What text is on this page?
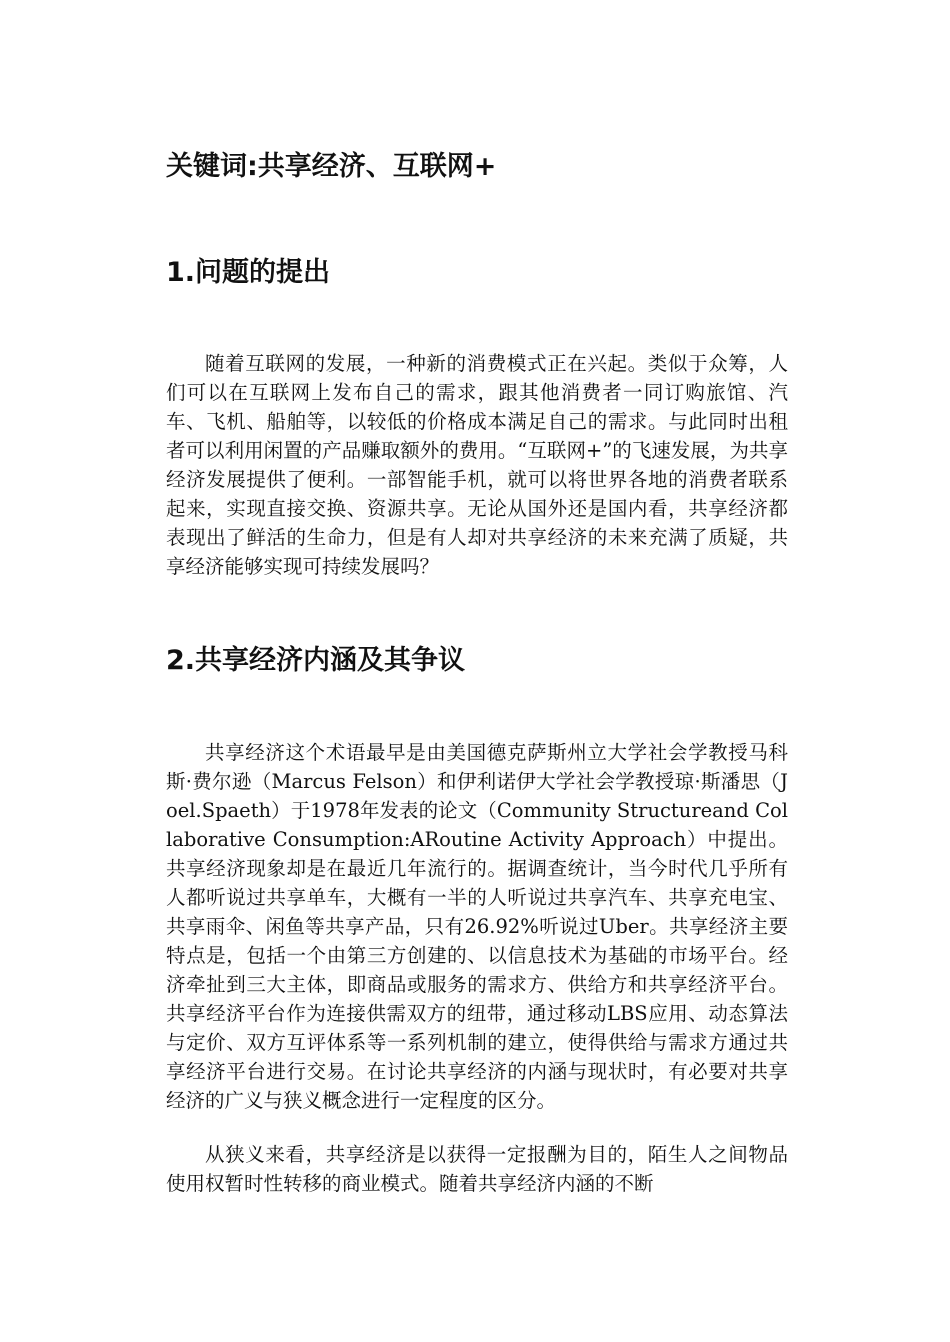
关键词:共享经济、互联网+
1.问题的提出

随着互联网的发展，一种新的消费模式正在兴起。类似于众筹，人们可以在互联网上发布自己的需求，跟其他消费者一同订购旅馆、汽车、飞机、船舶等，以较低的价格成本满足自己的需求。与此同时出租者可以利用闲置的产品赚取额外的费用。“互联网+”的飞速发展，为共享经济发展提供了便利。一部智能手机，就可以将世界各地的消费者联系起来，实现直接交换、资源共享。无论从国外还是国内看，共享经济都表现出了鲜活的生命力，但是有人却对共享经济的未来充满了质疑，共享经济能够实现可持续发展吗？

2.共享经济内涵及其争议

共享经济这个术语最早是由美国德克萨斯州立大学社会学教授马科斯·费尔逊（Marcus Felson）和伊利诺伊大学社会学教授琼·斯潘思（Joel.Spaeth）于1978年发表的论文（Community Structureand Collaborative Consumption:ARoutine Activity Approach）中提出。共享经济现象却是在最近几年流行的。据调查统计，当今时代几乎所有人都听说过共享单车，大概有一半的人听说过共享汽车、共享充电宝、共享雨伞、闲鱼等共享产品，只有26.92%听说过Uber。共享经济主要特点是，包括一个由第三方创建的、以信息技术为基础的市场平台。经济牵扯到三大主体，即商品或服务的需求方、供给方和共享经济平台。共享经济平台作为连接供需双方的纽带，通过移动LBS应用、动态算法与定价、双方互评体系等一系列机制的建立，使得供给与需求方通过共享经济平台进行交易。在讨论共享经济的内涵与现状时，有必要对共享经济的广义与狭义概念进行一定程度的区分。

从狭义来看，共享经济是以获得一定报酬为目的，陌生人之间物品使用权暂时性转移的商业模式。随着共享经济内涵的不断
